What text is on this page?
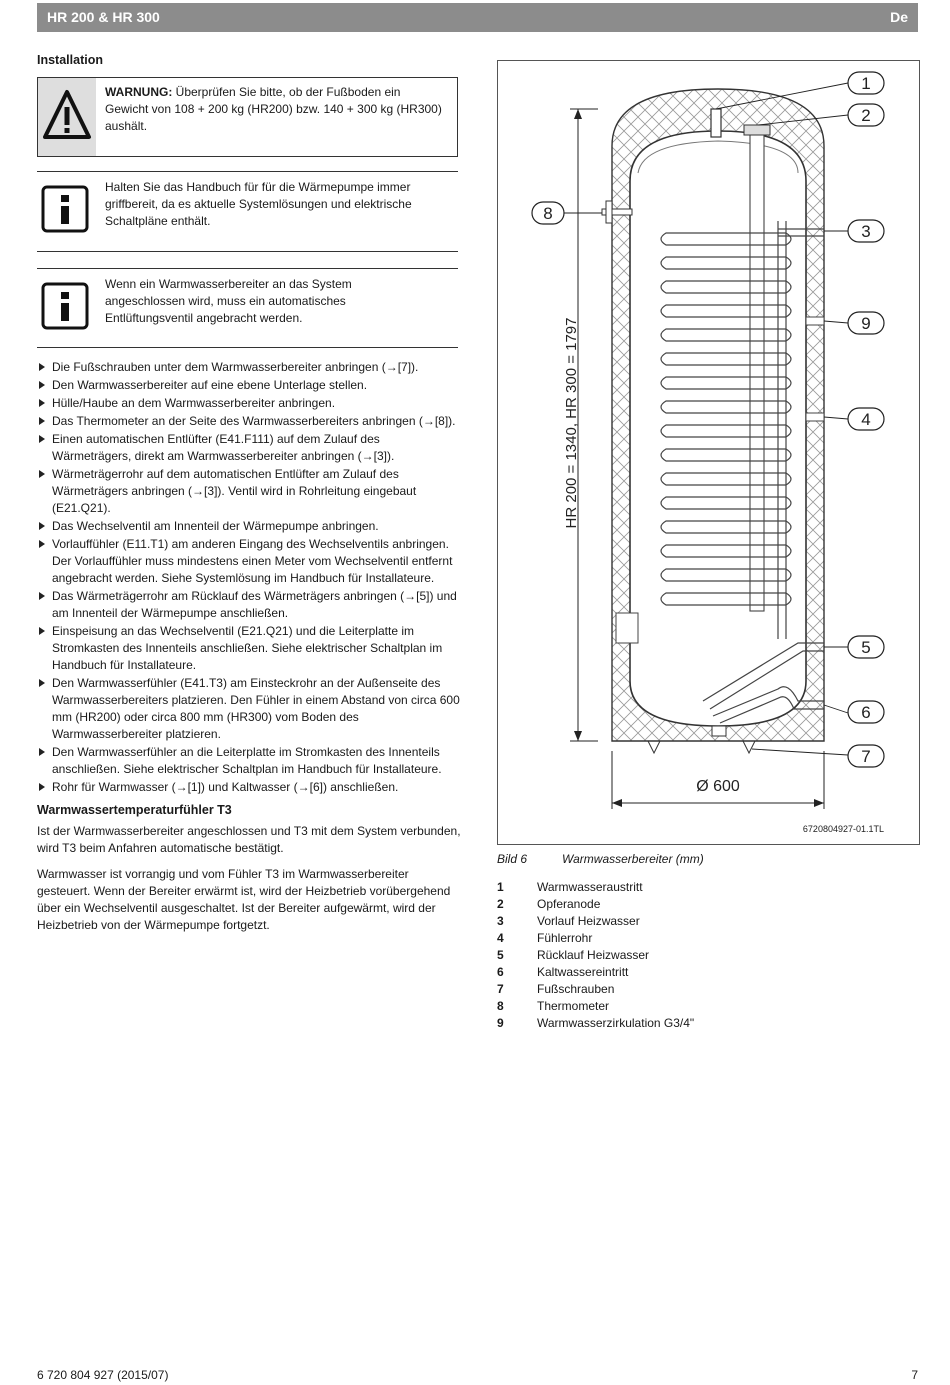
HR 200 & HR 300	De
Installation
WARNUNG: Überprüfen Sie bitte, ob der Fußboden ein Gewicht von 108 + 200 kg (HR200) bzw. 140 + 300 kg (HR300) aushält.
Halten Sie das Handbuch für für die Wärmepumpe immer griffbereit, da es aktuelle Systemlösungen und elektrische Schaltpläne enthält.
Wenn ein Warmwasserbereiter an das System angeschlossen wird, muss ein automatisches Entlüftungsventil angebracht werden.
Die Fußschrauben unter dem Warmwasserbereiter anbringen (→[7]).
Den Warmwasserbereiter auf eine ebene Unterlage stellen.
Hülle/Haube an dem Warmwasserbereiter anbringen.
Das Thermometer an der Seite des Warmwasserbereiters anbringen (→[8]).
Einen automatischen Entlüfter (E41.F111) auf dem Zulauf des Wärmeträgers, direkt am Warmwasserbereiter anbringen (→[3]).
Wärmeträgerrohr auf dem automatischen Entlüfter am Zulauf des Wärmeträgers anbringen (→[3]). Ventil wird in Rohrleitung eingebaut (E21.Q21).
Das Wechselventil am Innenteil der Wärmepumpe anbringen.
Vorlauffühler (E11.T1) am anderen Eingang des Wechselventils anbringen. Der Vorlauffühler muss mindestens einen Meter vom Wechselventil entfernt angebracht werden. Siehe Systemlösung im Handbuch für Installateure.
Das Wärmeträgerrohr am Rücklauf des Wärmeträgers anbringen (→[5]) und am Innenteil der Wärmepumpe anschließen.
Einspeisung an das Wechselventil (E21.Q21) und die Leiterplatte im Stromkasten des Innenteils anschließen. Siehe elektrischer Schaltplan im Handbuch für Installateure.
Den Warmwasserfühler (E41.T3) am Einsteckrohr an der Außenseite des Warmwasserbereiters platzieren. Den Fühler in einem Abstand von circa 600 mm (HR200) oder circa 800 mm (HR300) vom Boden des Warmwasserbereiter platzieren.
Den Warmwasserfühler an die Leiterplatte im Stromkasten des Innenteils anschließen. Siehe elektrischer Schaltplan im Handbuch für Installateure.
Rohr für Warmwasser (→[1]) und Kaltwasser (→[6]) anschließen.
Warmwassertemperaturfühler T3
Ist der Warmwasserbereiter angeschlossen und T3 mit dem System verbunden, wird T3 beim Anfahren automatische bestätigt.
Warmwasser ist vorrangig und vom Fühler T3 im Warmwasserbereiter gesteuert. Wenn der Bereiter erwärmt ist, wird der Heizbetrieb vorübergehend über ein Wechselventil ausgeschaltet. Ist der Bereiter aufgewärmt, wird der Heizbetrieb von der Wärmepumpe fortgetzt.
HR 200 = 1340, HR 300 = 1797
Ø 600
1
2
3
9
4
5
6
7
8
6720804927-01.1TL
Bild 6	Warmwasserbereiter (mm)
1	Warmwasseraustritt
2	Opferanode
3	Vorlauf Heizwasser
4	Fühlerrohr
5	Rücklauf Heizwasser
6	Kaltwassereintritt
7	Fußschrauben
8	Thermometer
9	Warmwasserzirkulation G3/4"
6 720 804 927 (2015/07)	7
